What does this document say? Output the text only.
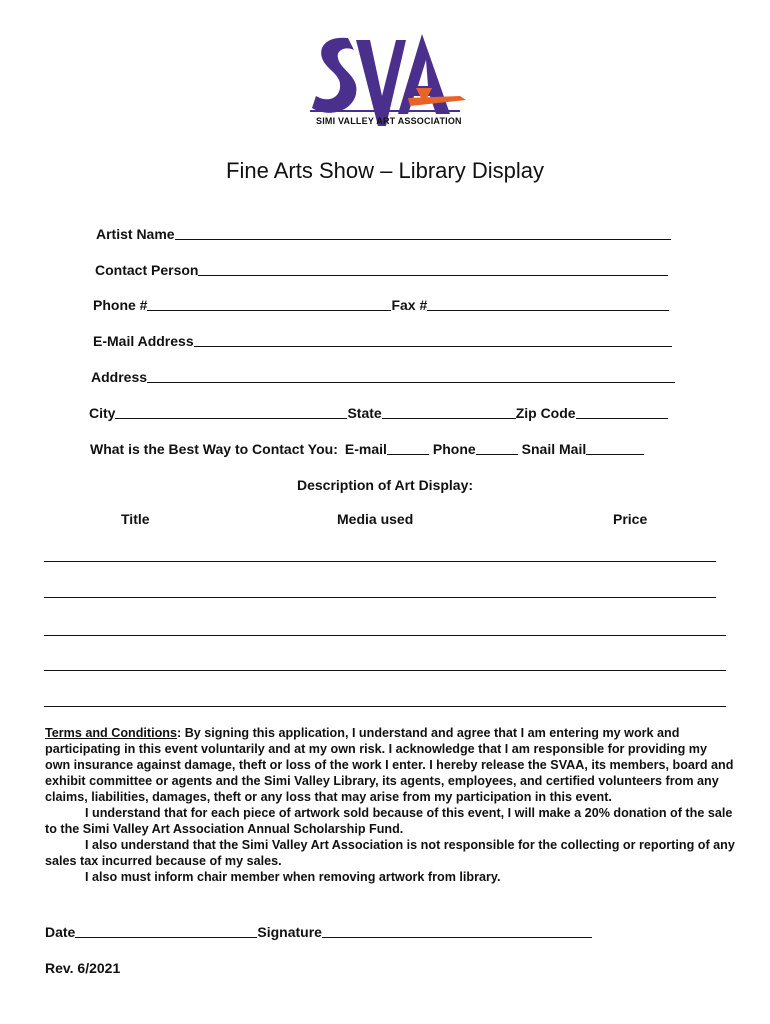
SIMI VALLEY ART ASSOCIATION
Fine Arts Show – Library Display
Artist Name
Contact Person
Phone #	Fax #
E-Mail Address
Address
City	State	Zip Code
What is the Best Way to Contact You: E-mail	Phone	Snail Mail
Description of Art Display:
Title	Media used	Price

Terms and Conditions: By signing this application, I understand and agree that I am entering my work and participating in this event voluntarily and at my own risk. I acknowledge that I am responsible for providing my own insurance against damage, theft or loss of the work I enter. I hereby release the SVAA, its members, board and exhibit committee or agents and the Simi Valley Library, its agents, employees, and certified volunteers from any claims, liabilities, damages, theft or any loss that may arise from my participation in this event.

I understand that for each piece of artwork sold because of this event, I will make a 20% donation of the sale to the Simi Valley Art Association Annual Scholarship Fund.

I also understand that the Simi Valley Art Association is not responsible for the collecting or reporting of any sales tax incurred because of my sales.

I also must inform chair member when removing artwork from library.

Date	Signature
Rev. 6/2021
